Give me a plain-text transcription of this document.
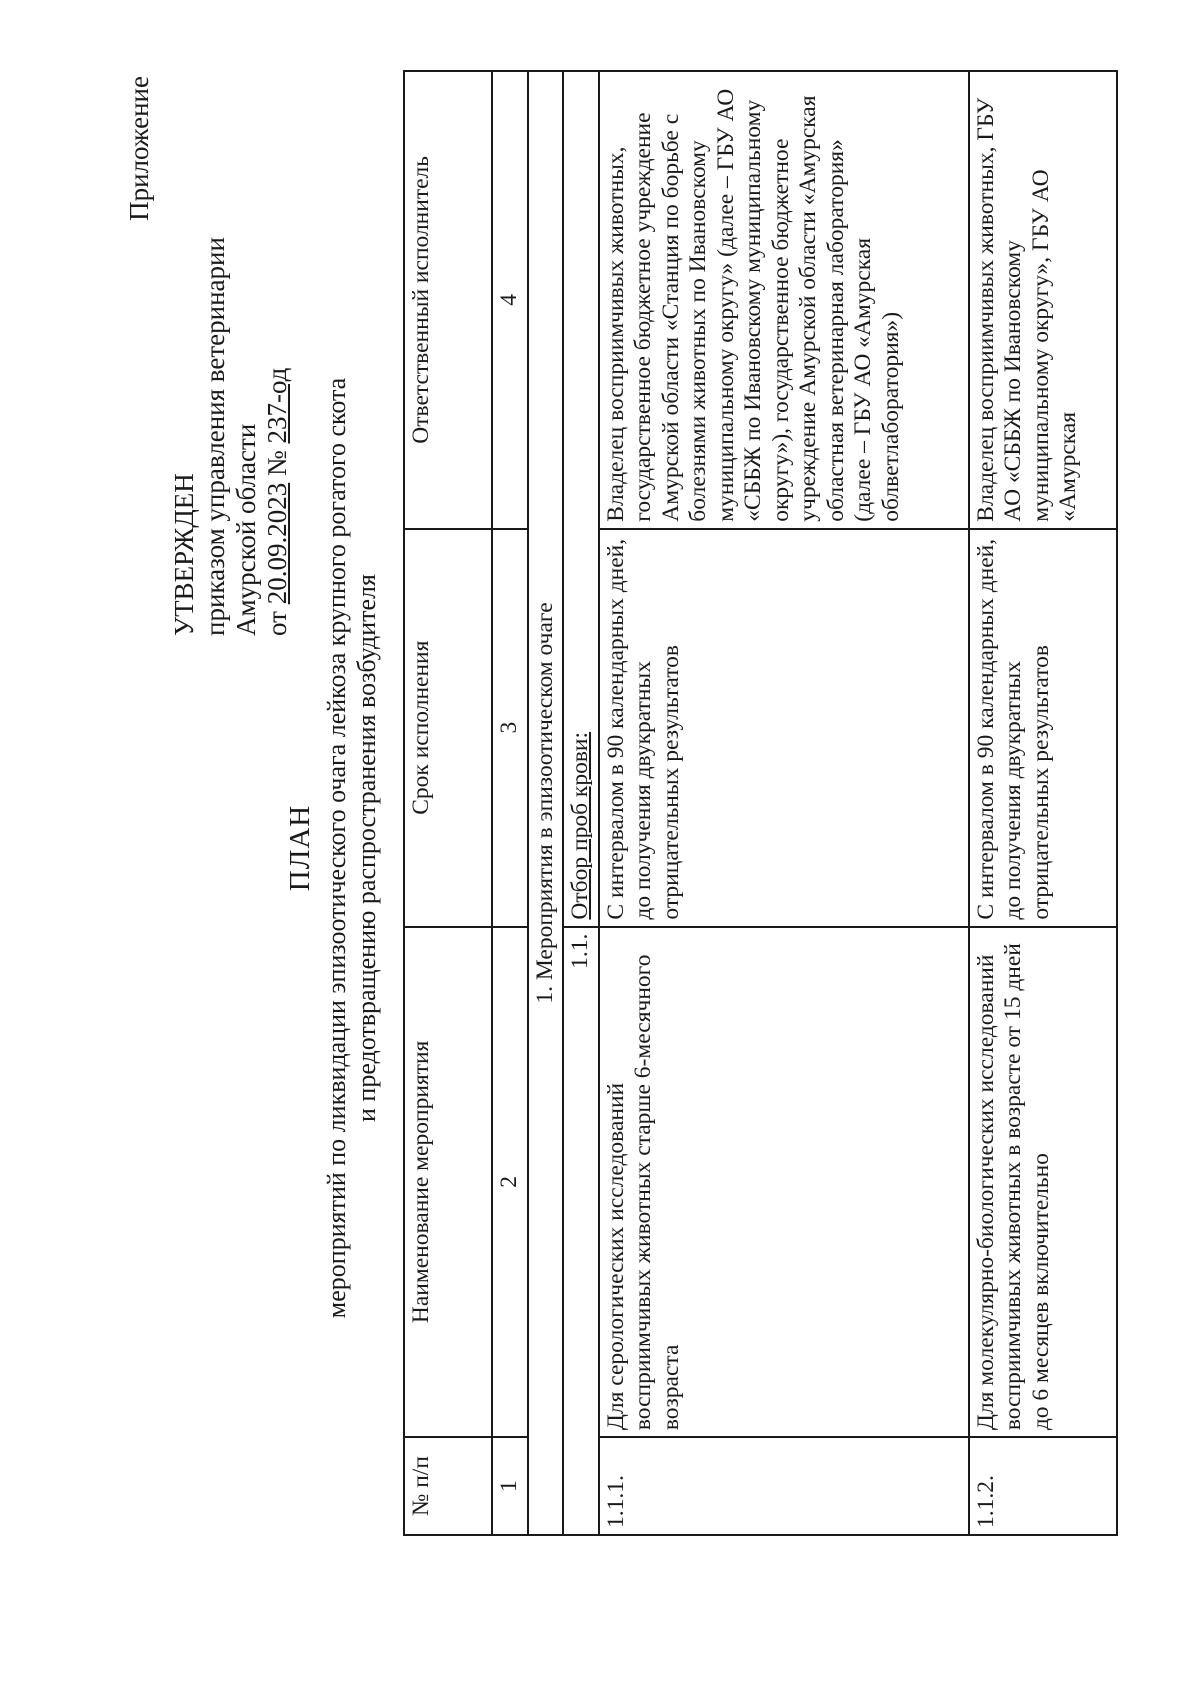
Приложение
УТВЕРЖДЕН приказом управления ветеринарии Амурской области от 20.09.2023 № 237-од
ПЛАН мероприятий по ликвидации эпизоотического очага лейкоза крупного рогатого скота и предотвращению распространения возбудителя
№ п/п	Наименование мероприятия	Срок исполнения	Ответственный исполнитель
1	2	3	4
1. Мероприятия в эпизоотическом очаге			
1.1.		Отбор проб крови:	
1.1.1.	Для серологических исследований восприимчивых животных старше 6-месячного возраста	С интервалом в 90 календарных дней, до получения двукратных отрицательных результатов	Владелец восприимчивых животных, государственное бюджетное учреждение Амурской области «Станция по борьбе с болезнями животных по Ивановскому муниципальному округу» (далее – ГБУ АО «СББЖ по Ивановскому муниципальному округу»), государственное бюджетное учреждение Амурской области «Амурская областная ветеринарная лаборатория» (далее – ГБУ АО «Амурская облветлаборатория»)
1.1.2.	Для молекулярно-биологических исследований восприимчивых животных в возрасте от 15 дней до 6 месяцев включительно	С интервалом в 90 календарных дней, до получения двукратных отрицательных результатов	Владелец восприимчивых животных, ГБУ АО «СББЖ по Ивановскому муниципальному округу», ГБУ АО «Амурская
